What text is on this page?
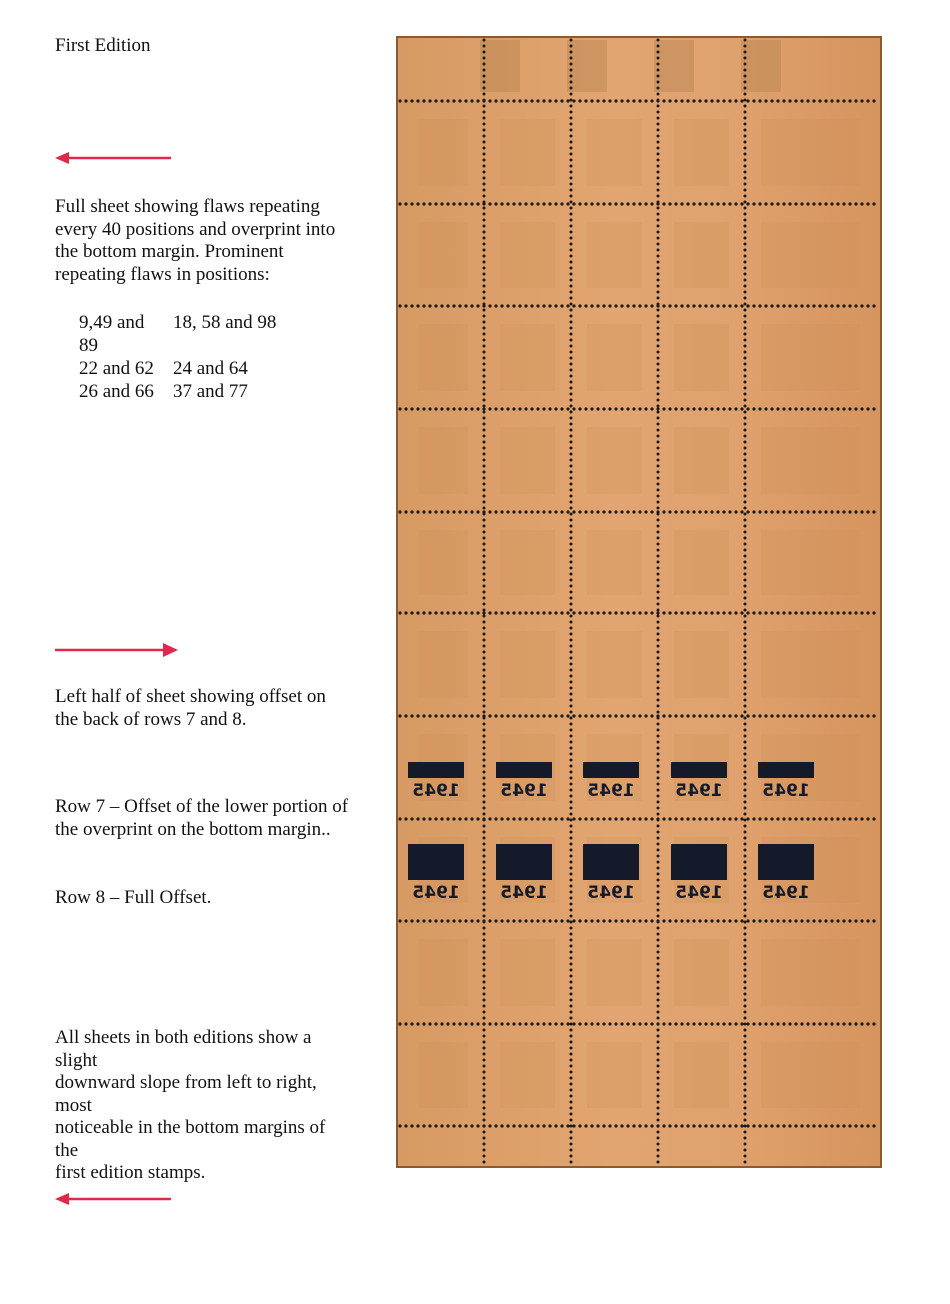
First Edition
Full sheet showing flaws repeating
every 40 positions and overprint into
the bottom margin. Prominent
repeating flaws in positions:
9,49 and
89	18, 58 and 98
22 and 62	24 and 64
26 and 66	37 and 77
Left half of sheet showing offset on
the back of rows 7 and 8.
Row 7 – Offset of the lower portion of
the overprint on the bottom margin..
Row 8 – Full Offset.
All sheets in both editions show a
slight
downward slope from left to right,
most
noticeable in the bottom margins of
the
first edition stamps.
1945
1945
1945
1945
1945
1945
1945
1945
1945
1945
